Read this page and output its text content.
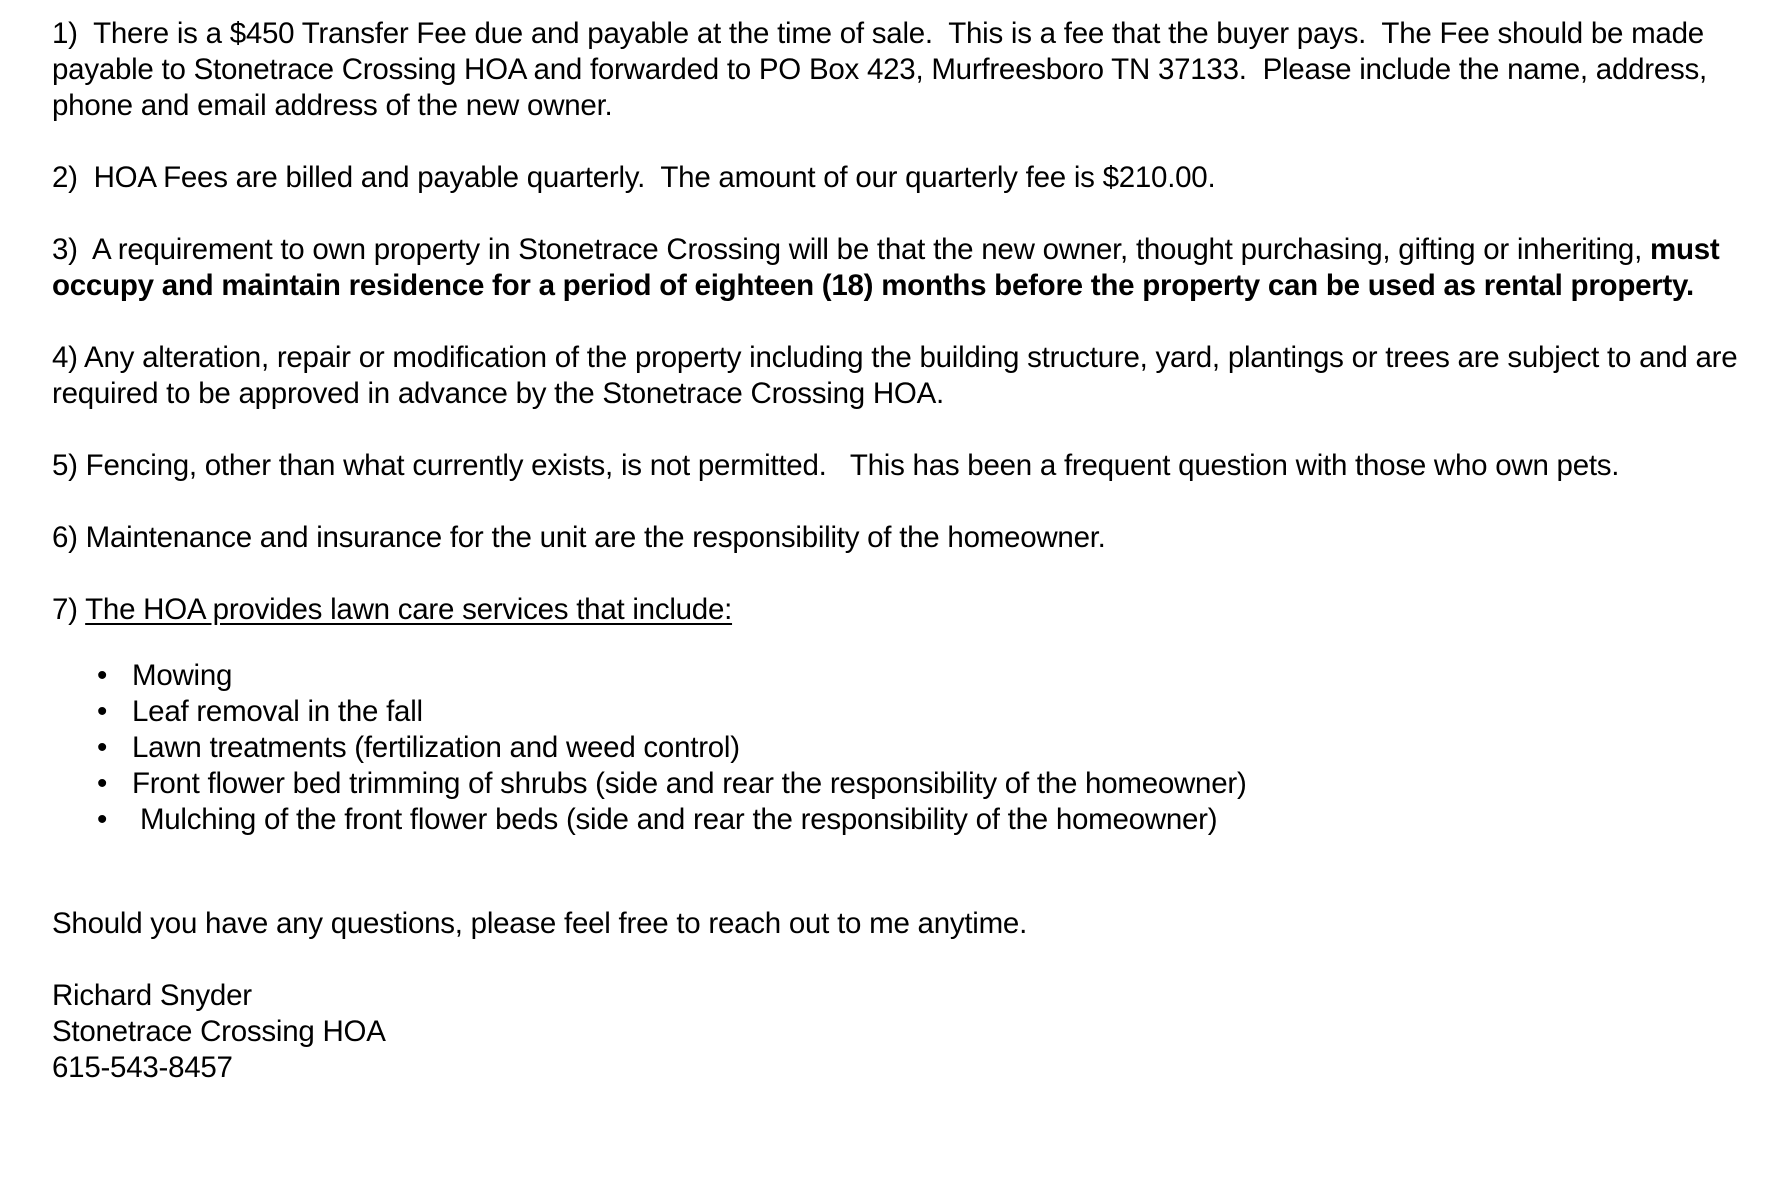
1)  There is a $450 Transfer Fee due and payable at the time of sale.  This is a fee that the buyer pays.  The Fee should be made payable to Stonetrace Crossing HOA and forwarded to PO Box 423, Murfreesboro TN 37133.  Please include the name, address, phone and email address of the new owner.

2)  HOA Fees are billed and payable quarterly.  The amount of our quarterly fee is $210.00.

3)  A requirement to own property in Stonetrace Crossing will be that the new owner, thought purchasing, gifting or inheriting, must occupy and maintain residence for a period of eighteen (18) months before the property can be used as rental property.

4) Any alteration, repair or modification of the property including the building structure, yard, plantings or trees are subject to and are required to be approved in advance by the Stonetrace Crossing HOA.

5) Fencing, other than what currently exists, is not permitted.   This has been a frequent question with those who own pets.

6) Maintenance and insurance for the unit are the responsibility of the homeowner.

7) The HOA provides lawn care services that include:

• Mowing
• Leaf removal in the fall
• Lawn treatments (fertilization and weed control)
• Front flower bed trimming of shrubs (side and rear the responsibility of the homeowner)
• Mulching of the front flower beds (side and rear the responsibility of the homeowner)

Should you have any questions, please feel free to reach out to me anytime.

Richard Snyder
Stonetrace Crossing HOA
615-543-8457
